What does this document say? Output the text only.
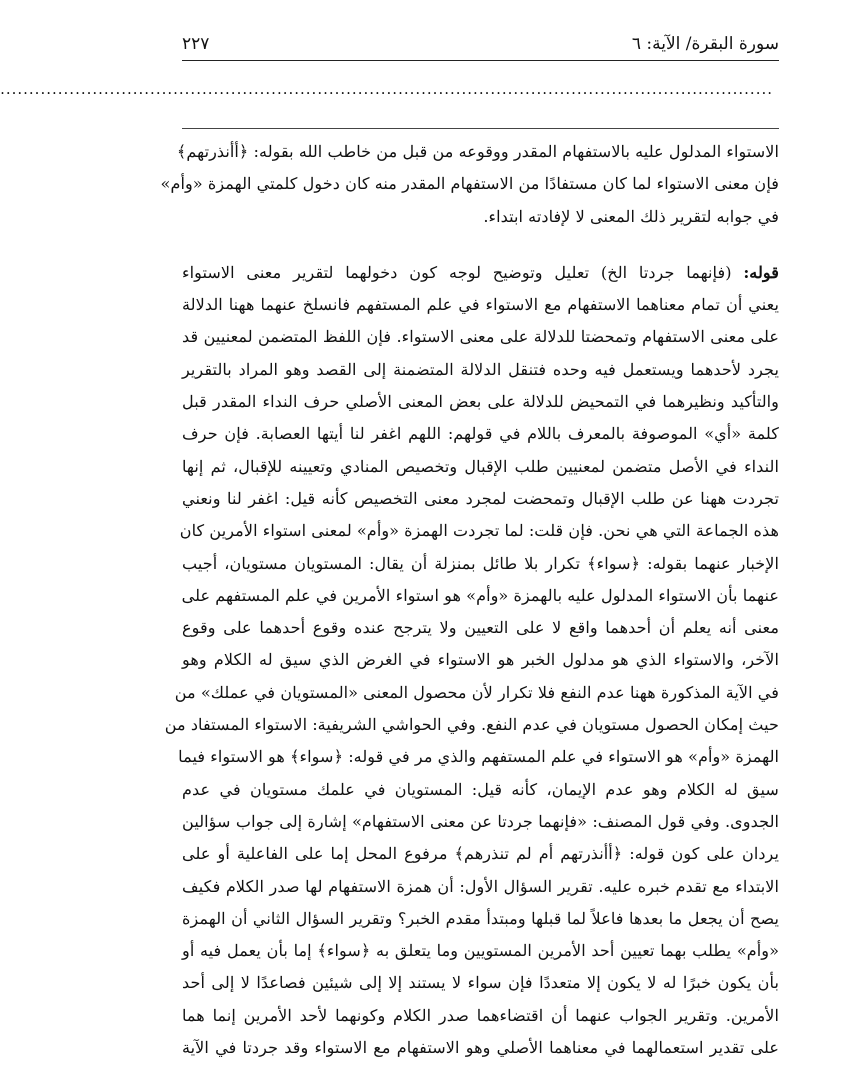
سورة البقرة/ الآية: ٦
٢٢٧
......................................................................................................................................
الاستواء المدلول عليه بالاستفهام المقدر ووقوعه من قبل من خاطب الله بقوله: ﴿أأنذرتهم﴾
فإن معنى الاستواء لما كان مستفادًا من الاستفهام المقدر منه كان دخول كلمتي الهمزة «وأم»
في جوابه لتقرير ذلك المعنى لا لإفادته ابتداء.
قوله: (فإنهما جردتا الخ) تعليل وتوضيح لوجه كون دخولهما لتقرير معنى الاستواء
يعني أن تمام معناهما الاستفهام مع الاستواء في علم المستفهم فانسلخ عنهما ههنا الدلالة
على معنى الاستفهام وتمحضتا للدلالة على معنى الاستواء. فإن اللفظ المتضمن لمعنيين قد
يجرد لأحدهما ويستعمل فيه وحده فتنقل الدلالة المتضمنة إلى القصد وهو المراد بالتقرير
والتأكيد ونظيرهما في التمحيض للدلالة على بعض المعنى الأصلي حرف النداء المقدر قبل
كلمة «أي» الموصوفة بالمعرف باللام في قولهم: اللهم اغفر لنا أيتها العصابة. فإن حرف
النداء في الأصل متضمن لمعنيين طلب الإقبال وتخصيص المنادي وتعيينه للإقبال، ثم إنها
تجردت ههنا عن طلب الإقبال وتمحضت لمجرد معنى التخصيص كأنه قيل: اغفر لنا ونعني
هذه الجماعة التي هي نحن. فإن قلت: لما تجردت الهمزة «وأم» لمعنى استواء الأمرين كان
الإخبار عنهما بقوله: ﴿سواء﴾ تكرار بلا طائل بمنزلة أن يقال: المستويان مستويان، أجيب
عنهما بأن الاستواء المدلول عليه بالهمزة «وأم» هو استواء الأمرين في علم المستفهم على
معنى أنه يعلم أن أحدهما واقع لا على التعيين ولا يترجح عنده وقوع أحدهما على وقوع
الآخر، والاستواء الذي هو مدلول الخبر هو الاستواء في الغرض الذي سيق له الكلام وهو
في الآية المذكورة ههنا عدم النفع فلا تكرار لأن محصول المعنى «المستويان في عملك» من
حيث إمكان الحصول مستويان في عدم النفع. وفي الحواشي الشريفية: الاستواء المستفاد من
الهمزة «وأم» هو الاستواء في علم المستفهم والذي مر في قوله: ﴿سواء﴾ هو الاستواء فيما
سيق له الكلام وهو عدم الإيمان، كأنه قيل: المستويان في علمك مستويان في عدم
الجدوى. وفي قول المصنف: «فإنهما جردتا عن معنى الاستفهام» إشارة إلى جواب سؤالين
يردان على كون قوله: ﴿أأنذرتهم أم لم تنذرهم﴾ مرفوع المحل إما على الفاعلية أو على
الابتداء مع تقدم خبره عليه. تقرير السؤال الأول: أن همزة الاستفهام لها صدر الكلام فكيف
يصح أن يجعل ما بعدها فاعلاً لما قبلها ومبتدأ مقدم الخبر؟ وتقرير السؤال الثاني أن الهمزة
«وأم» يطلب بهما تعيين أحد الأمرين المستويين وما يتعلق به ﴿سواء﴾ إما بأن يعمل فيه أو
بأن يكون خبرًا له لا يكون إلا متعددًا فإن سواء لا يستند إلا إلى شيئين فصاعدًا لا إلى أحد
الأمرين. وتقرير الجواب عنهما أن اقتضاءهما صدر الكلام وكونهما لأحد الأمرين إنما هما
على تقدير استعمالهما في معناهما الأصلي وهو الاستفهام مع الاستواء وقد جردتا في الآية
